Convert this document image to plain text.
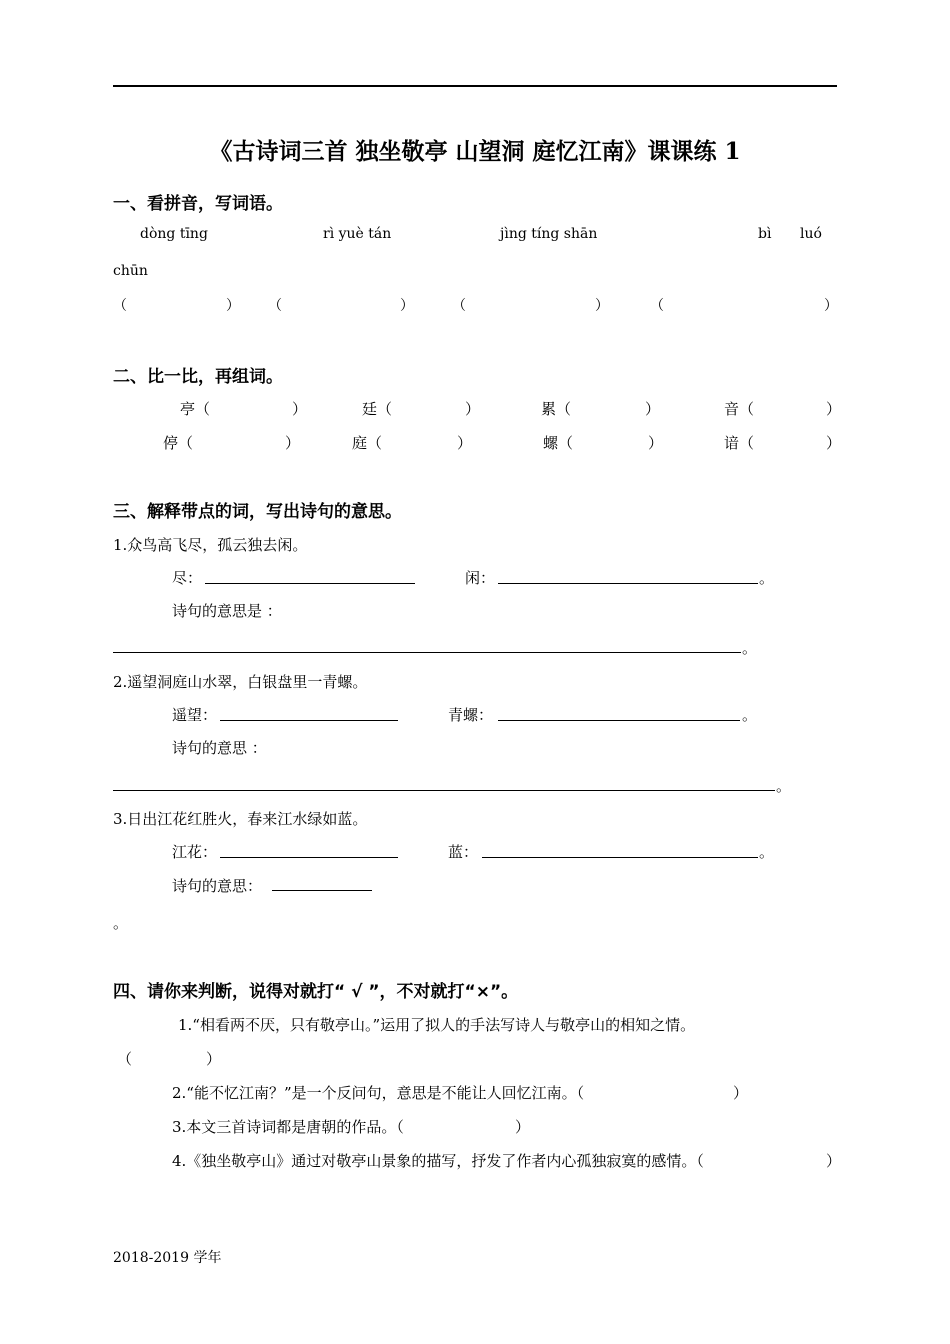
《古诗词三首 独坐敬亭 山望洞 庭忆江南》课课练 1
一、看拼音，写词语。
dòng tīng	rì yuè tán	jìng tíng shān	bì luó
chūn
（	） （	）	（	）	（	）
二、比一比，再组词。
亭（	）	廷（	）	累（	）	音（	）
停（	）	庭（	）	螺（	）	谙（	）
三、解释带点的词，写出诗句的意思。
1.众鸟高飞尽，孤云独去闲。
尽：	闲：	。
诗句的意思是 ：
。
2.遥望洞庭山水翠，白银盘里一青螺。
遥望：	青螺：	。
诗句的意思 ：
。
3.日出江花红胜火，春来江水绿如蓝。
江花：	蓝：	。
诗句的意思：
。
四、请你来判断，说得对就打“ √ ”，不对就打“×”。
1.“相看两不厌，只有敬亭山。”运用了拟人的手法写诗人与敬亭山的相知之情。
（	）
2.“能不忆江南？”是一个反问句，意思是不能让人回忆江南。（	）
3.本文三首诗词都是唐朝的作品。（	）
4.《独坐敬亭山》通过对敬亭山景象的描写，抒发了作者内心孤独寂寞的感情。（	）
2018-2019 学年
